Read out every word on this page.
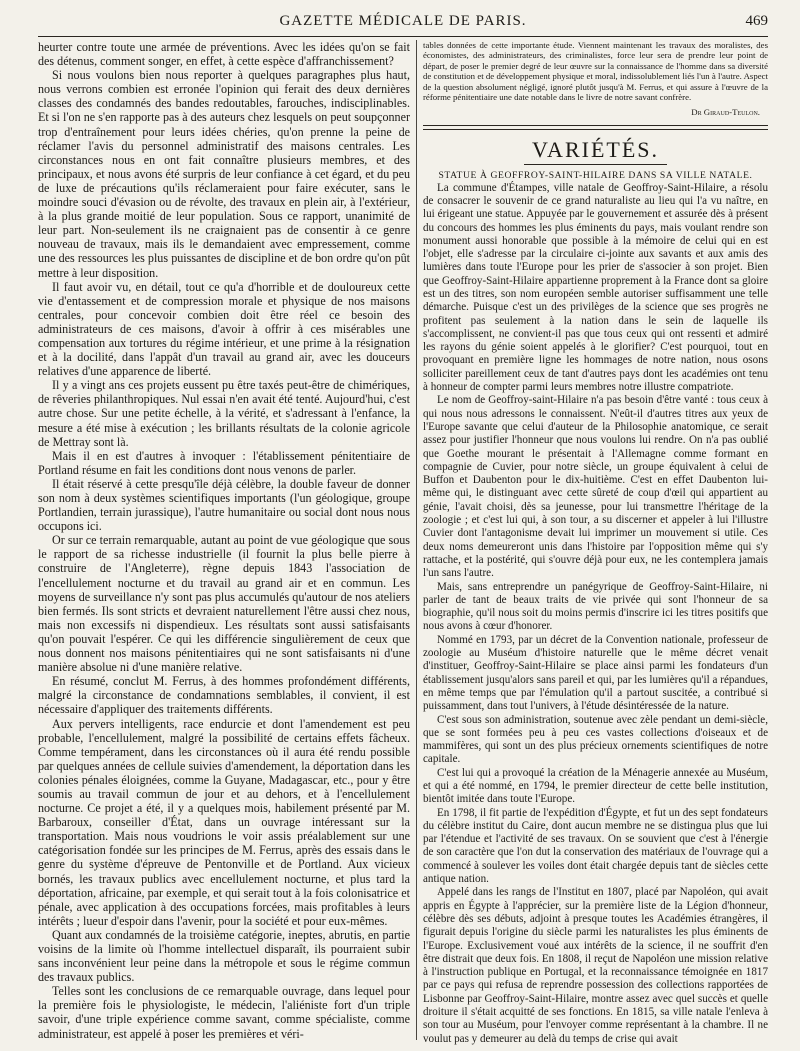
GAZETTE MÉDICALE DE PARIS.	469

heurter contre toute une armée de préventions. Avec les idées qu'on se fait des détenus, comment songer, en effet, à cette espèce d'affranchissement?

Si nous voulons bien nous reporter à quelques paragraphes plus haut, nous verrons combien est erronée l'opinion qui ferait des deux dernières classes des condamnés des bandes redoutables, farouches, indisciplinables. Et si l'on ne s'en rapporte pas à des auteurs chez lesquels on peut soupçonner trop d'entraînement pour leurs idées chéries, qu'on prenne la peine de réclamer l'avis du personnel administratif des maisons centrales. Les circonstances nous en ont fait connaître plusieurs membres, et des principaux, et nous avons été surpris de leur confiance à cet égard, et du peu de luxe de précautions qu'ils réclameraient pour faire exécuter, sans le moindre souci d'évasion ou de révolte, des travaux en plein air, à l'extérieur, à la plus grande moitié de leur population. Sous ce rapport, unanimité de leur part. Non-seulement ils ne craignaient pas de consentir à ce genre nouveau de travaux, mais ils le demandaient avec empressement, comme une des ressources les plus puissantes de discipline et de bon ordre qu'on pût mettre à leur disposition.

Il faut avoir vu, en détail, tout ce qu'a d'horrible et de douloureux cette vie d'entassement et de compression morale et physique de nos maisons centrales, pour concevoir combien doit être réel ce besoin des administrateurs de ces maisons, d'avoir à offrir à ces misérables une compensation aux tortures du régime intérieur, et une prime à la résignation et à la docilité, dans l'appât d'un travail au grand air, avec les douceurs relatives d'une apparence de liberté.

Il y a vingt ans ces projets eussent pu être taxés peut-être de chimériques, de rêveries philanthropiques. Nul essai n'en avait été tenté. Aujourd'hui, c'est autre chose. Sur une petite échelle, à la vérité, et s'adressant à l'enfance, la mesure a été mise à exécution ; les brillants résultats de la colonie agricole de Mettray sont là.

Mais il en est d'autres à invoquer : l'établissement pénitentiaire de Portland résume en fait les conditions dont nous venons de parler.

Il était réservé à cette presqu'île déjà célèbre, la double faveur de donner son nom à deux systèmes scientifiques importants (l'un géologique, groupe Portlandien, terrain jurassique), l'autre humanitaire ou social dont nous nous occupons ici.

Or sur ce terrain remarquable, autant au point de vue géologique que sous le rapport de sa richesse industrielle (il fournit la plus belle pierre à construire de l'Angleterre), règne depuis 1843 l'association de l'encellulement nocturne et du travail au grand air et en commun. Les moyens de surveillance n'y sont pas plus accumulés qu'autour de nos ateliers bien fermés. Ils sont stricts et devraient naturellement l'être aussi chez nous, mais non excessifs ni dispendieux. Les résultats sont aussi satisfaisants qu'on pouvait l'espérer. Ce qui les différencie singulièrement de ceux que nous donnent nos maisons pénitentiaires qui ne sont satisfaisants ni d'une manière absolue ni d'une manière relative.

En résumé, conclut M. Ferrus, à des hommes profondément différents, malgré la circonstance de condamnations semblables, il convient, il est nécessaire d'appliquer des traitements différents.

Aux pervers intelligents, race endurcie et dont l'amendement est peu probable, l'encellulement, malgré la possibilité de certains effets fâcheux. Comme tempérament, dans les circonstances où il aura été rendu possible par quelques années de cellule suivies d'amendement, la déportation dans les colonies pénales éloignées, comme la Guyane, Madagascar, etc., pour y être soumis au travail commun de jour et au dehors, et à l'encellulement nocturne. Ce projet a été, il y a quelques mois, habilement présenté par M. Barbaroux, conseiller d'État, dans un ouvrage intéressant sur la transportation. Mais nous voudrions le voir assis préalablement sur une catégorisation fondée sur les principes de M. Ferrus, après des essais dans le genre du système d'épreuve de Pentonville et de Portland. Aux vicieux bornés, les travaux publics avec encellulement nocturne, et plus tard la déportation, africaine, par exemple, et qui serait tout à la fois colonisatrice et pénale, avec application à des occupations forcées, mais profitables à leurs intérêts ; lueur d'espoir dans l'avenir, pour la société et pour eux-mêmes.

Quant aux condamnés de la troisième catégorie, ineptes, abrutis, en partie voisins de la limite où l'homme intellectuel disparaît, ils pourraient subir sans inconvénient leur peine dans la métropole et sous le régime commun des travaux publics.

Telles sont les conclusions de ce remarquable ouvrage, dans lequel pour la première fois le physiologiste, le médecin, l'aliéniste fort d'un triple savoir, d'une triple expérience comme savant, comme spécialiste, comme administrateur, est appelé à poser les premières et véri-

tables données de cette importante étude. Viennent maintenant les travaux des moralistes, des économistes, des administrateurs, des criminalistes, force leur sera de prendre leur point de départ, de poser le premier degré de leur œuvre sur la connaissance de l'homme dans sa diversité de constitution et de développement physique et moral, indissolublement liés l'un à l'autre. Aspect de la question absolument négligé, ignoré plutôt jusqu'à M. Ferrus, et qui assure à l'œuvre de la réforme pénitentiaire une date notable dans le livre de notre savant confrère.

Dr Giraud-Teulon.

VARIÉTÉS.

STATUE À GEOFFROY-SAINT-HILAIRE DANS SA VILLE NATALE.

La commune d'Étampes, ville natale de Geoffroy-Saint-Hilaire, a résolu de consacrer le souvenir de ce grand naturaliste au lieu qui l'a vu naître, en lui érigeant une statue. Appuyée par le gouvernement et assurée dès à présent du concours des hommes les plus éminents du pays, mais voulant rendre son monument aussi honorable que possible à la mémoire de celui qui en est l'objet, elle s'adresse par la circulaire ci-jointe aux savants et aux amis des lumières dans toute l'Europe pour les prier de s'associer à son projet. Bien que Geoffroy-Saint-Hilaire appartienne proprement à la France dont sa gloire est un des titres, son nom européen semble autoriser suffisamment une telle démarche. Puisque c'est un des privilèges de la science que ses progrès ne profitent pas seulement à la nation dans le sein de laquelle ils s'accomplissent, ne convient-il pas que tous ceux qui ont ressenti et admiré les rayons du génie soient appelés à le glorifier? C'est pourquoi, tout en provoquant en première ligne les hommages de notre nation, nous osons solliciter pareillement ceux de tant d'autres pays dont les académies ont tenu à honneur de compter parmi leurs membres notre illustre compatriote.

Le nom de Geoffroy-saint-Hilaire n'a pas besoin d'être vanté : tous ceux à qui nous nous adressons le connaissent. N'eût-il d'autres titres aux yeux de l'Europe savante que celui d'auteur de la Philosophie anatomique, ce serait assez pour justifier l'honneur que nous voulons lui rendre. On n'a pas oublié que Goethe mourant le présentait à l'Allemagne comme formant en compagnie de Cuvier, pour notre siècle, un groupe équivalent à celui de Buffon et Daubenton pour le dix-huitième. C'est en effet Daubenton lui-même qui, le distinguant avec cette sûreté de coup d'œil qui appartient au génie, l'avait choisi, dès sa jeunesse, pour lui transmettre l'héritage de la zoologie ; et c'est lui qui, à son tour, a su discerner et appeler à lui l'illustre Cuvier dont l'antagonisme devait lui imprimer un mouvement si utile. Ces deux noms demeureront unis dans l'histoire par l'opposition même qui s'y rattache, et la postérité, qui s'ouvre déjà pour eux, ne les contemplera jamais l'un sans l'autre.

Mais, sans entreprendre un panégyrique de Geoffroy-Saint-Hilaire, ni parler de tant de beaux traits de vie privée qui sont l'honneur de sa biographie, qu'il nous soit du moins permis d'inscrire ici les titres positifs que nous avons à cœur d'honorer.

Nommé en 1793, par un décret de la Convention nationale, professeur de zoologie au Muséum d'histoire naturelle que le même décret venait d'instituer, Geoffroy-Saint-Hilaire se place ainsi parmi les fondateurs d'un établissement jusqu'alors sans pareil et qui, par les lumières qu'il a répandues, en même temps que par l'émulation qu'il a partout suscitée, a contribué si puissamment, dans tout l'univers, à l'étude désintéressée de la nature.

C'est sous son administration, soutenue avec zèle pendant un demi-siècle, que se sont formées peu à peu ces vastes collections d'oiseaux et de mammifères, qui sont un des plus précieux ornements scientifiques de notre capitale.

C'est lui qui a provoqué la création de la Ménagerie annexée au Muséum, et qui a été nommé, en 1794, le premier directeur de cette belle institution, bientôt imitée dans toute l'Europe.

En 1798, il fit partie de l'expédition d'Égypte, et fut un des sept fondateurs du célèbre institut du Caire, dont aucun membre ne se distingua plus que lui par l'étendue et l'activité de ses travaux. On se souvient que c'est à l'énergie de son caractère que l'on dut la conservation des matériaux de l'ouvrage qui a commencé à soulever les voiles dont était chargée depuis tant de siècles cette antique nation.

Appelé dans les rangs de l'Institut en 1807, placé par Napoléon, qui avait appris en Égypte à l'apprécier, sur la première liste de la Légion d'honneur, célèbre dès ses débuts, adjoint à presque toutes les Académies étrangères, il figurait depuis l'origine du siècle parmi les naturalistes les plus éminents de l'Europe. Exclusivement voué aux intérêts de la science, il ne souffrit d'en être distrait que deux fois. En 1808, il reçut de Napoléon une mission relative à l'instruction publique en Portugal, et la reconnaissance témoignée en 1817 par ce pays qui refusa de reprendre possession des collections rapportées de Lisbonne par Geoffroy-Saint-Hilaire, montre assez avec quel succès et quelle droiture il s'était acquitté de ses fonctions. En 1815, sa ville natale l'enleva à son tour au Muséum, pour l'envoyer comme représentant à la chambre. Il ne voulut pas y demeurer au delà du temps de crise qui avait
